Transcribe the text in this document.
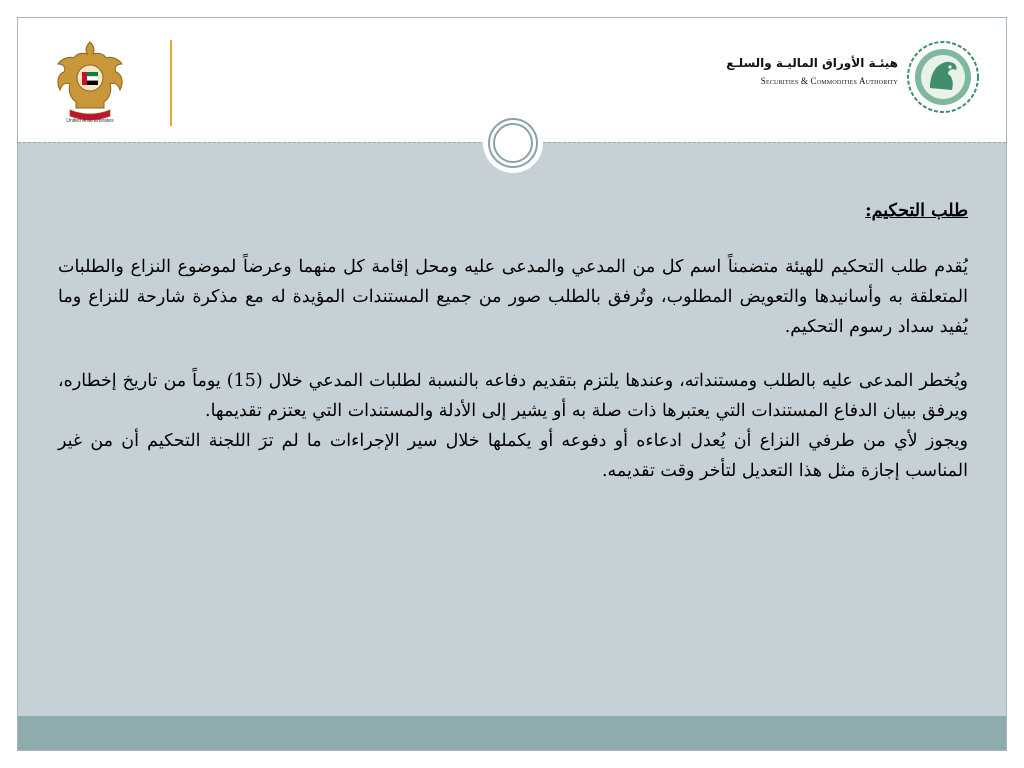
United Arab Emirates
هيئـة الأوراق الماليـة والسلـع
Securities & Commodities Authority

طلب التحكيم:

يُقدم طلب التحكيم للهيئة متضمناً اسم كل من المدعي والمدعى عليه ومحل إقامة كل منهما وعرضاً لموضوع النزاع والطلبات المتعلقة به وأسانيدها والتعويض المطلوب، وتُرفق بالطلب صور من جميع المستندات المؤيدة له مع مذكرة شارحة للنزاع وما يُفيد سداد رسوم التحكيم.

ويُخطر المدعى عليه بالطلب ومستنداته، وعندها يلتزم بتقديم دفاعه بالنسبة لطلبات المدعي خلال (15) يوماً من تاريخ إخطاره، ويرفق ببيان الدفاع المستندات التي يعتبرها ذات صلة به أو يشير إلى الأدلة والمستندات التي يعتزم تقديمها.

ويجوز لأي من طرفي النزاع أن يُعدل ادعاءه أو دفوعه أو يكملها خلال سير الإجراءات ما لم ترَ اللجنة التحكيم أن من غير المناسب إجازة مثل هذا التعديل لتأخر وقت تقديمه.
